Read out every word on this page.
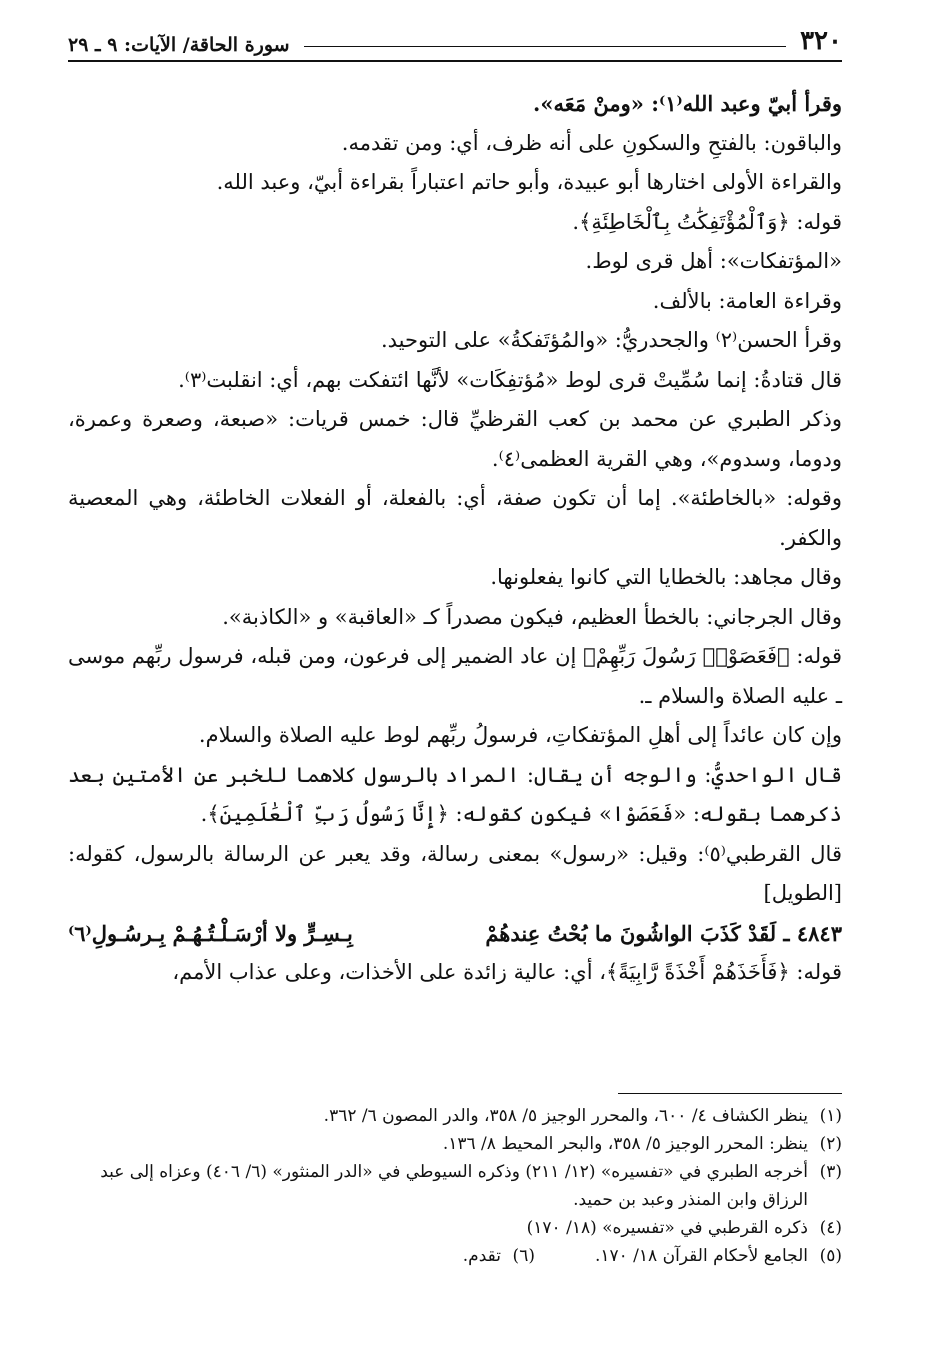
٣٢٠
سورة الحاقة/ الآيات: ٩ ـ ٢٩

وقرأ أبيّ وعبد الله⁽١⁾: «ومنْ مَعَه».

والباقون: بالفتحِ والسكونِ على أنه ظرف، أي: ومن تقدمه.

والقراءة الأولى اختارها أبو عبيدة، وأبو حاتم اعتباراً بقراءة أبيّ، وعبد الله.

قوله: ﴿وَٱلْمُؤْتَفِكَٰتُ بِٱلْخَاطِئَةِ﴾.

«المؤتفكات»: أهل قرى لوط.

وقراءة العامة: بالألف.

وقرأ الحسن⁽٢⁾ والجحدريُّ: «والمُؤتَفكةُ» على التوحيد.

قال قتادةُ: إنما سُمِّيتْ قرى لوط «مُؤتفِكَات» لأنَّها ائتفكت بهم، أي: انقلبت⁽٣⁾.

وذكر الطبري عن محمد بن كعب القرظيِّ قال: خمس قريات: «صبعة، وصعرة وعمرة، ودوما، وسدوم»، وهي القرية العظمى⁽٤⁾.

وقوله: «بالخاطئة». إما أن تكون صفة، أي: بالفعلة، أو الفعلات الخاطئة، وهي المعصية والكفر.

وقال مجاهد: بالخطايا التي كانوا يفعلونها.

وقال الجرجاني: بالخطأ العظيم، فيكون مصدراً كـ «العاقبة» و «الكاذبة».

قوله: ﴿فَعَصَوْا۟ رَسُولَ رَبِّهِمْ﴾ إن عاد الضمير إلى فرعون، ومن قبله، فرسول ربِّهم موسى ـ عليه الصلاة والسلام ـ.

وإن كان عائداً إلى أهلِ المؤتفكاتِ، فرسولُ ربِّهم لوط عليه الصلاة والسلام.

قال الواحديُّ: والوجه أن يقال: المراد بالرسول كلاهما للخبر عن الأمتين بعد ذكرهما بقوله: «فَعَصَوْا» فيكون كقوله: ﴿إِنَّا رَسُولُ رَبِّ ٱلْعَٰلَمِينَ﴾.

قال القرطبي⁽٥⁾: وقيل: «رسول» بمعنى رسالة، وقد يعبر عن الرسالة بالرسول، كقوله: [الطويل]

٤٨٤٣ ـ لَقَدْ كَذَبَ الواشُونَ ما بُحْتُ عِندهُمْ
بِـسِـرٍّ ولا أرْسَـلْـتُـهُـمْ بِـرسُـولِ⁽٦⁾

قوله: ﴿فَأَخَذَهُمْ أَخْذَةً رَّابِيَةً﴾، أي: عالية زائدة على الأخذات، وعلى عذاب الأمم،

(١)
ينظر الكشاف ٤/ ٦٠٠، والمحرر الوجيز ٥/ ٣٥٨، والدر المصون ٦/ ٣٦٢.
(٢)
ينظر: المحرر الوجيز ٥/ ٣٥٨، والبحر المحيط ٨/ ١٣٦.
(٣)
أخرجه الطبري في «تفسيره» (١٢/ ٢١١) وذكره السيوطي في «الدر المنثور» (٦/ ٤٠٦) وعزاه إلى عبد الرزاق وابن المنذر وعبد بن حميد.
(٤)
ذكره القرطبي في «تفسيره» (١٨/ ١٧٠)
(٥)
الجامع لأحكام القرآن ١٨/ ١٧٠.
(٦)
تقدم.
